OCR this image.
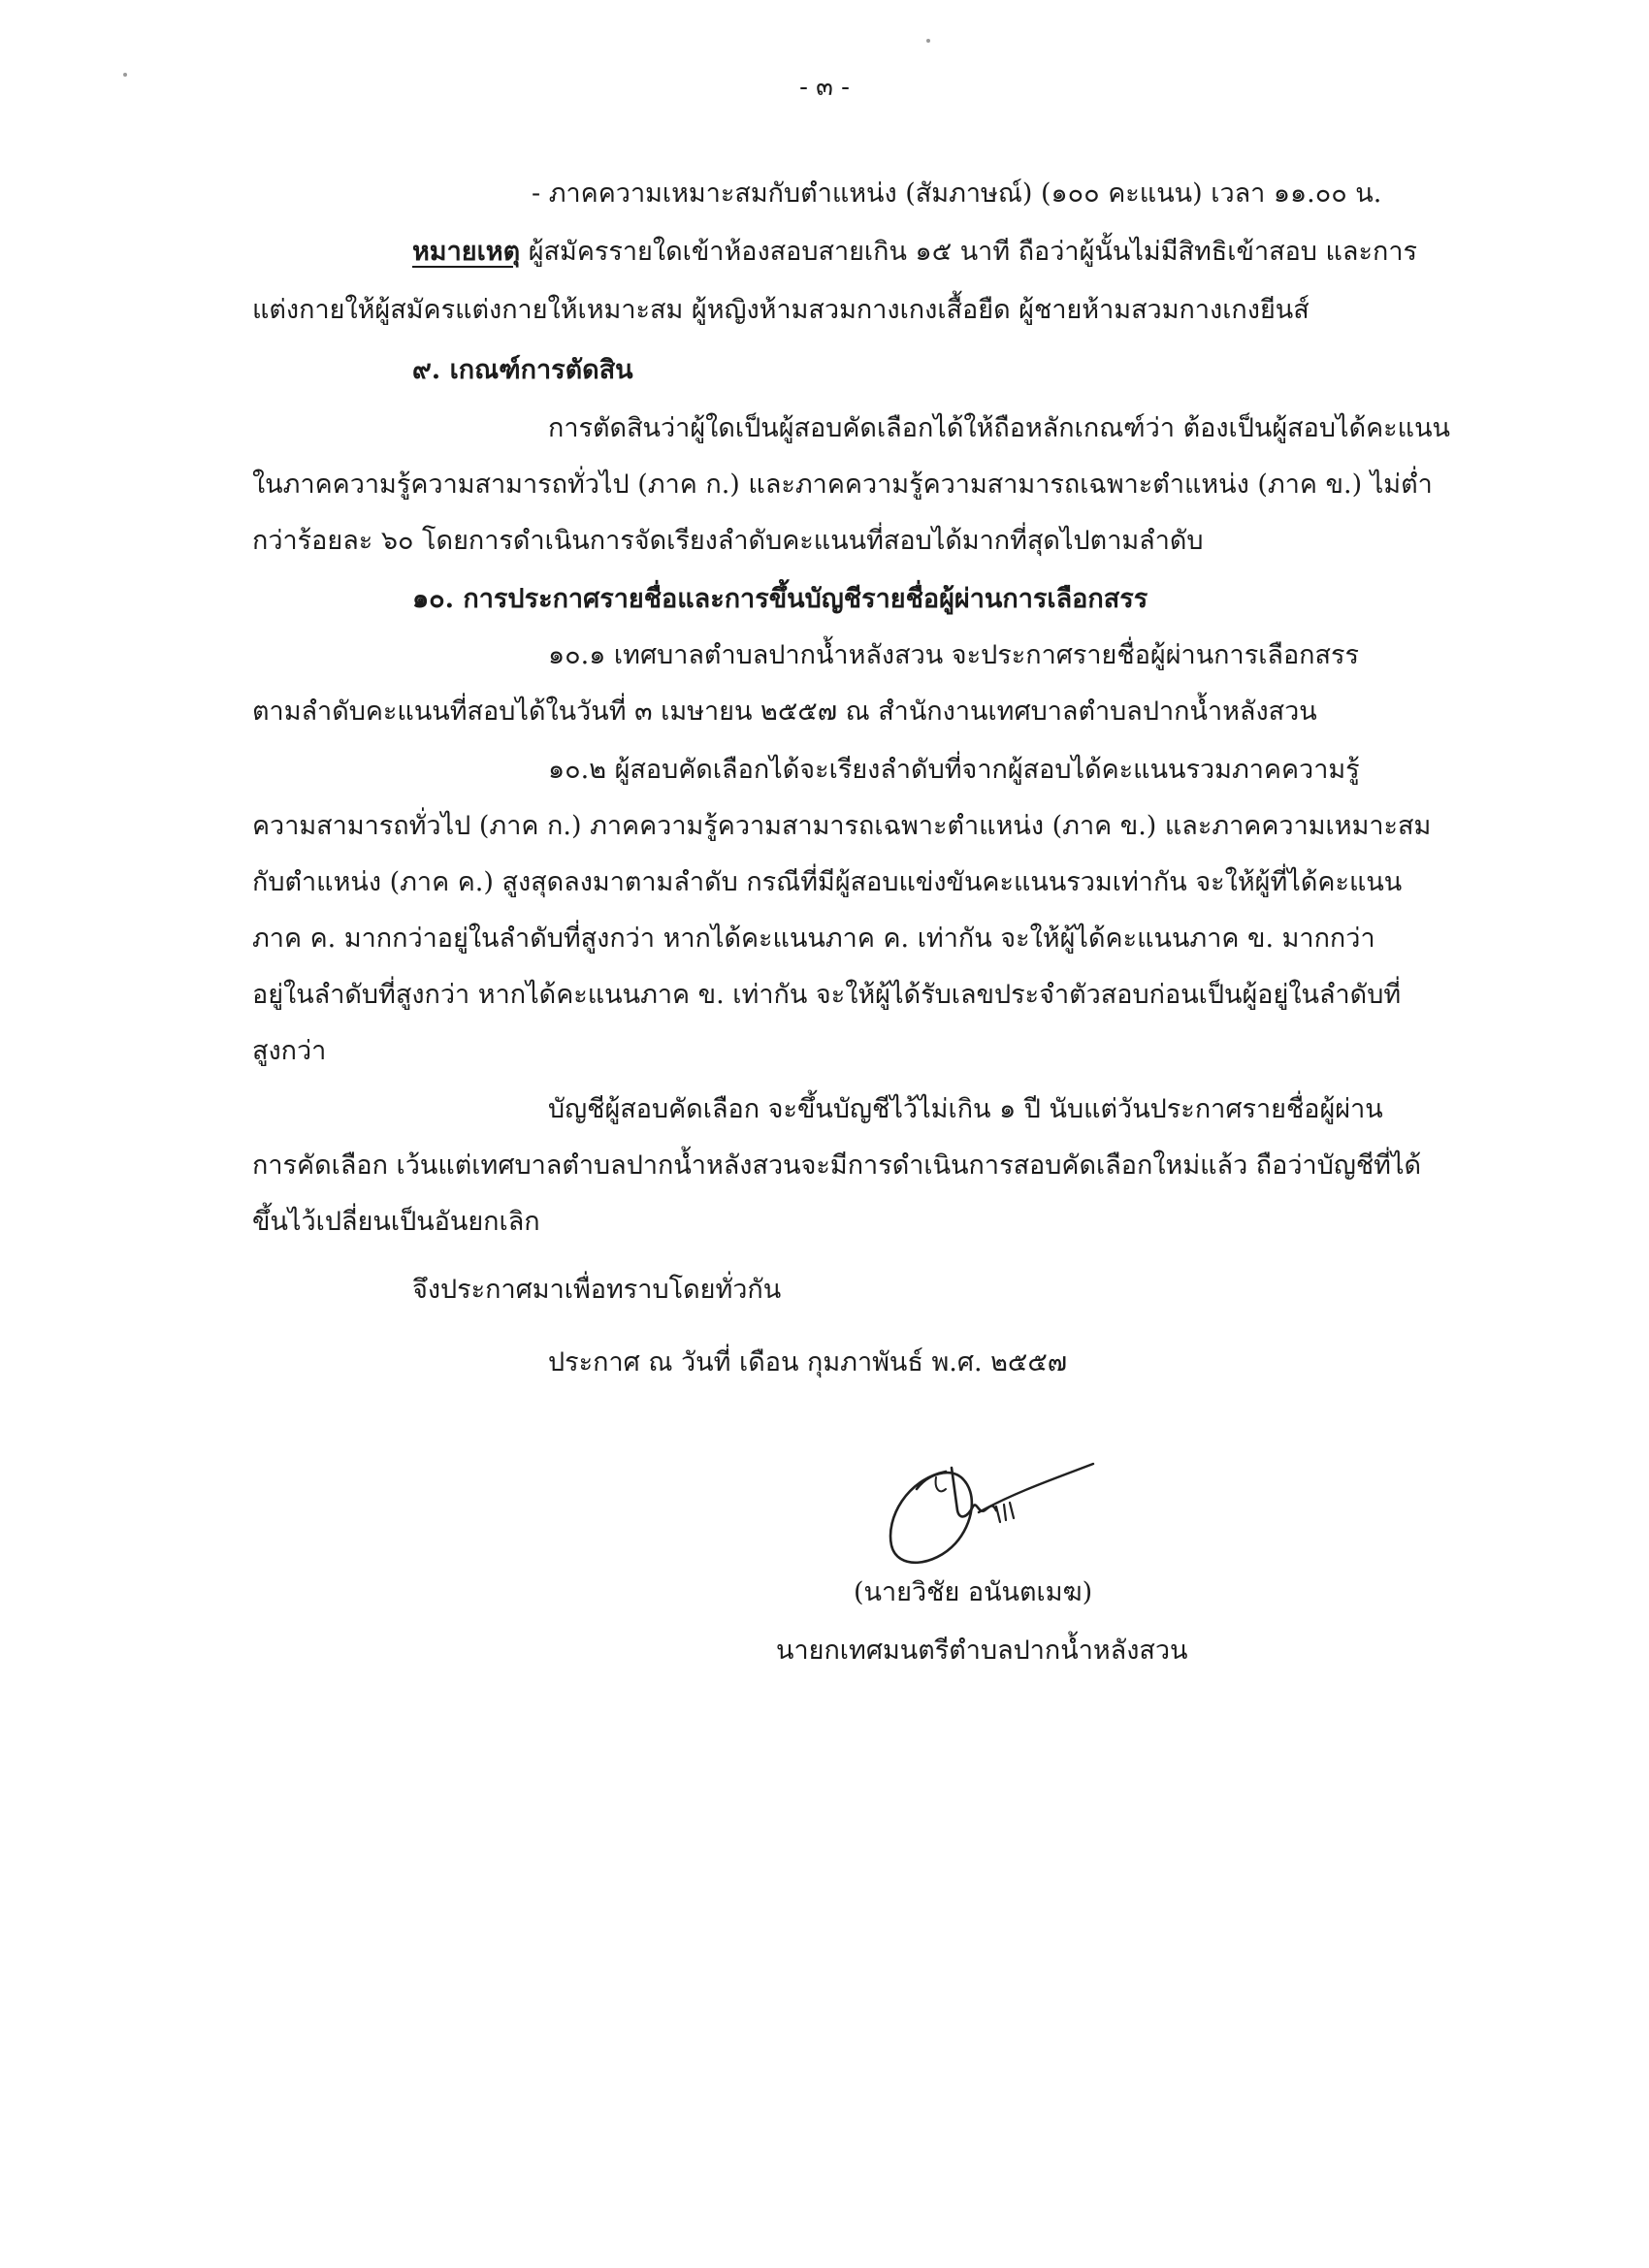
- ๓ -
- ภาคความเหมาะสมกับตำแหน่ง (สัมภาษณ์) (๑๐๐ คะแนน) เวลา ๑๑.๐๐ น.
หมายเหตุ ผู้สมัครรายใดเข้าห้องสอบสายเกิน ๑๕ นาที ถือว่าผู้นั้นไม่มีสิทธิเข้าสอบ และการ
แต่งกายให้ผู้สมัครแต่งกายให้เหมาะสม ผู้หญิงห้ามสวมกางเกงเสื้อยืด ผู้ชายห้ามสวมกางเกงยีนส์
๙. เกณฑ์การตัดสิน
การตัดสินว่าผู้ใดเป็นผู้สอบคัดเลือกได้ให้ถือหลักเกณฑ์ว่า ต้องเป็นผู้สอบได้คะแนน
ในภาคความรู้ความสามารถทั่วไป (ภาค ก.) และภาคความรู้ความสามารถเฉพาะตำแหน่ง (ภาค ข.) ไม่ต่ำ
กว่าร้อยละ ๖๐ โดยการดำเนินการจัดเรียงลำดับคะแนนที่สอบได้มากที่สุดไปตามลำดับ
๑๐. การประกาศรายชื่อและการขึ้นบัญชีรายชื่อผู้ผ่านการเลือกสรร
๑๐.๑ เทศบาลตำบลปากน้ำหลังสวน จะประกาศรายชื่อผู้ผ่านการเลือกสรร
ตามลำดับคะแนนที่สอบได้ในวันที่ ๓ เมษายน ๒๕๕๗ ณ สำนักงานเทศบาลตำบลปากน้ำหลังสวน
๑๐.๒ ผู้สอบคัดเลือกได้จะเรียงลำดับที่จากผู้สอบได้คะแนนรวมภาคความรู้
ความสามารถทั่วไป (ภาค ก.) ภาคความรู้ความสามารถเฉพาะตำแหน่ง (ภาค ข.) และภาคความเหมาะสม
กับตำแหน่ง (ภาค ค.) สูงสุดลงมาตามลำดับ กรณีที่มีผู้สอบแข่งขันคะแนนรวมเท่ากัน จะให้ผู้ที่ได้คะแนน
ภาค ค. มากกว่าอยู่ในลำดับที่สูงกว่า หากได้คะแนนภาค ค. เท่ากัน จะให้ผู้ได้คะแนนภาค ข. มากกว่า
อยู่ในลำดับที่สูงกว่า หากได้คะแนนภาค ข. เท่ากัน จะให้ผู้ได้รับเลขประจำตัวสอบก่อนเป็นผู้อยู่ในลำดับที่
สูงกว่า
บัญชีผู้สอบคัดเลือก จะขึ้นบัญชีไว้ไม่เกิน ๑ ปี นับแต่วันประกาศรายชื่อผู้ผ่าน
การคัดเลือก เว้นแต่เทศบาลตำบลปากน้ำหลังสวนจะมีการดำเนินการสอบคัดเลือกใหม่แล้ว ถือว่าบัญชีที่ได้
ขึ้นไว้เปลี่ยนเป็นอันยกเลิก
จึงประกาศมาเพื่อทราบโดยทั่วกัน
ประกาศ ณ วันที่ เดือน กุมภาพันธ์ พ.ศ. ๒๕๕๗
(นายวิชัย อนันตเมฆ)
นายกเทศมนตรีตำบลปากน้ำหลังสวน
